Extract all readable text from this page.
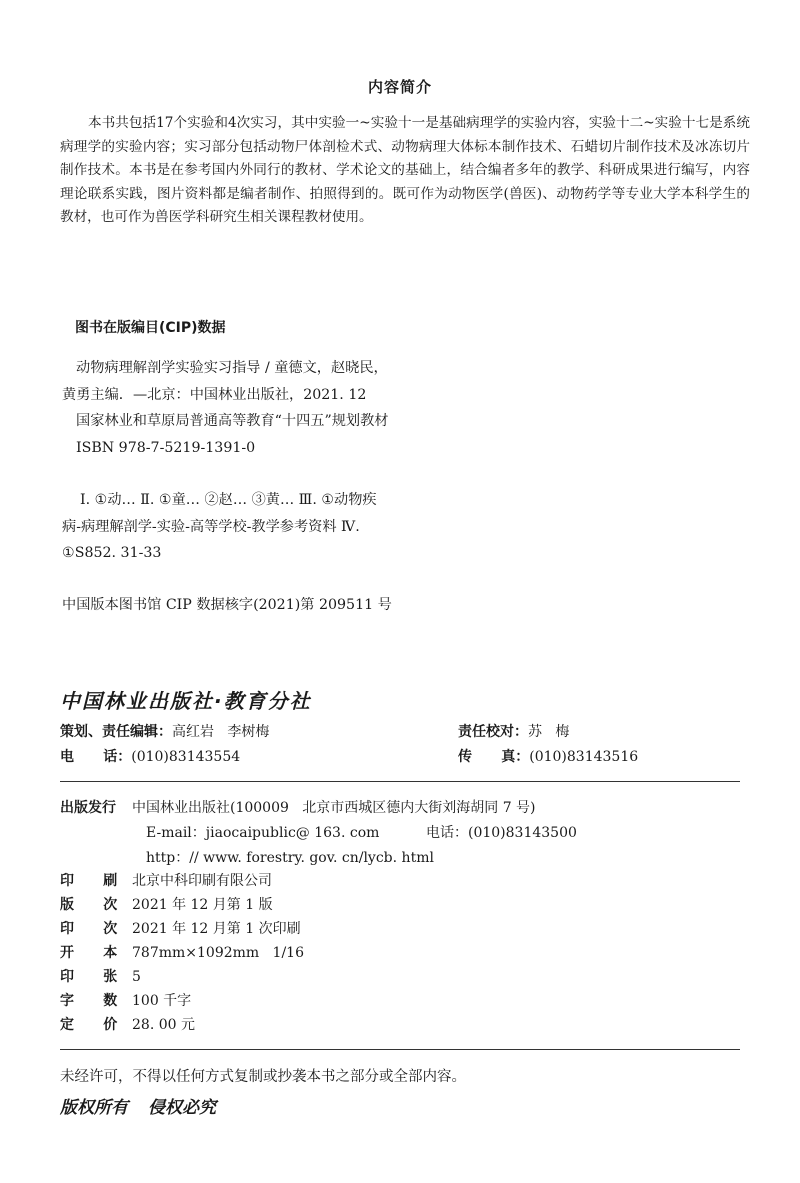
内容简介

本书共包括17个实验和4次实习，其中实验一~实验十一是基础病理学的实验内容，实验十二~实验十七是系统病理学的实验内容；实习部分包括动物尸体剖检术式、动物病理大体标本制作技术、石蜡切片制作技术及冰冻切片制作技术。本书是在参考国内外同行的教材、学术论文的基础上，结合编者多年的教学、科研成果进行编写，内容理论联系实践，图片资料都是编者制作、拍照得到的。既可作为动物医学(兽医)、动物药学等专业大学本科学生的教材，也可作为兽医学科研究生相关课程教材使用。

图书在版编目(CIP)数据
动物病理解剖学实验实习指导 / 童德文，赵晓民，
黄勇主编．—北京：中国林业出版社，2021. 12
国家林业和草原局普通高等教育“十四五”规划教材
ISBN 978-7-5219-1391-0
Ⅰ. ①动… Ⅱ. ①童… ②赵… ③黄… Ⅲ. ①动物疾
病-病理解剖学-实验-高等学校-教学参考资料 Ⅳ.
①S852. 31-33
中国版本图书馆 CIP 数据核字(2021)第 209511 号
中国林业出版社·教育分社
策划、责任编辑：高红岩   李树梅	责任校对：苏   梅
电      话：(010)83143554	传      真：(010)83143516
出版发行 中国林业出版社(100009   北京市西城区德内大街刘海胡同 7 号)
E-mail：jiaocaipublic@ 163. com	电话：(010)83143500
http：// www. forestry. gov. cn/lycb. html
印      刷 北京中科印刷有限公司
版      次 2021 年 12 月第 1 版
印      次 2021 年 12 月第 1 次印刷
开      本 787mm×1092mm   1/16
印      张 5
字      数 100 千字
定      价 28. 00 元
未经许可，不得以任何方式复制或抄袭本书之部分或全部内容。
版权所有 侵权必究
